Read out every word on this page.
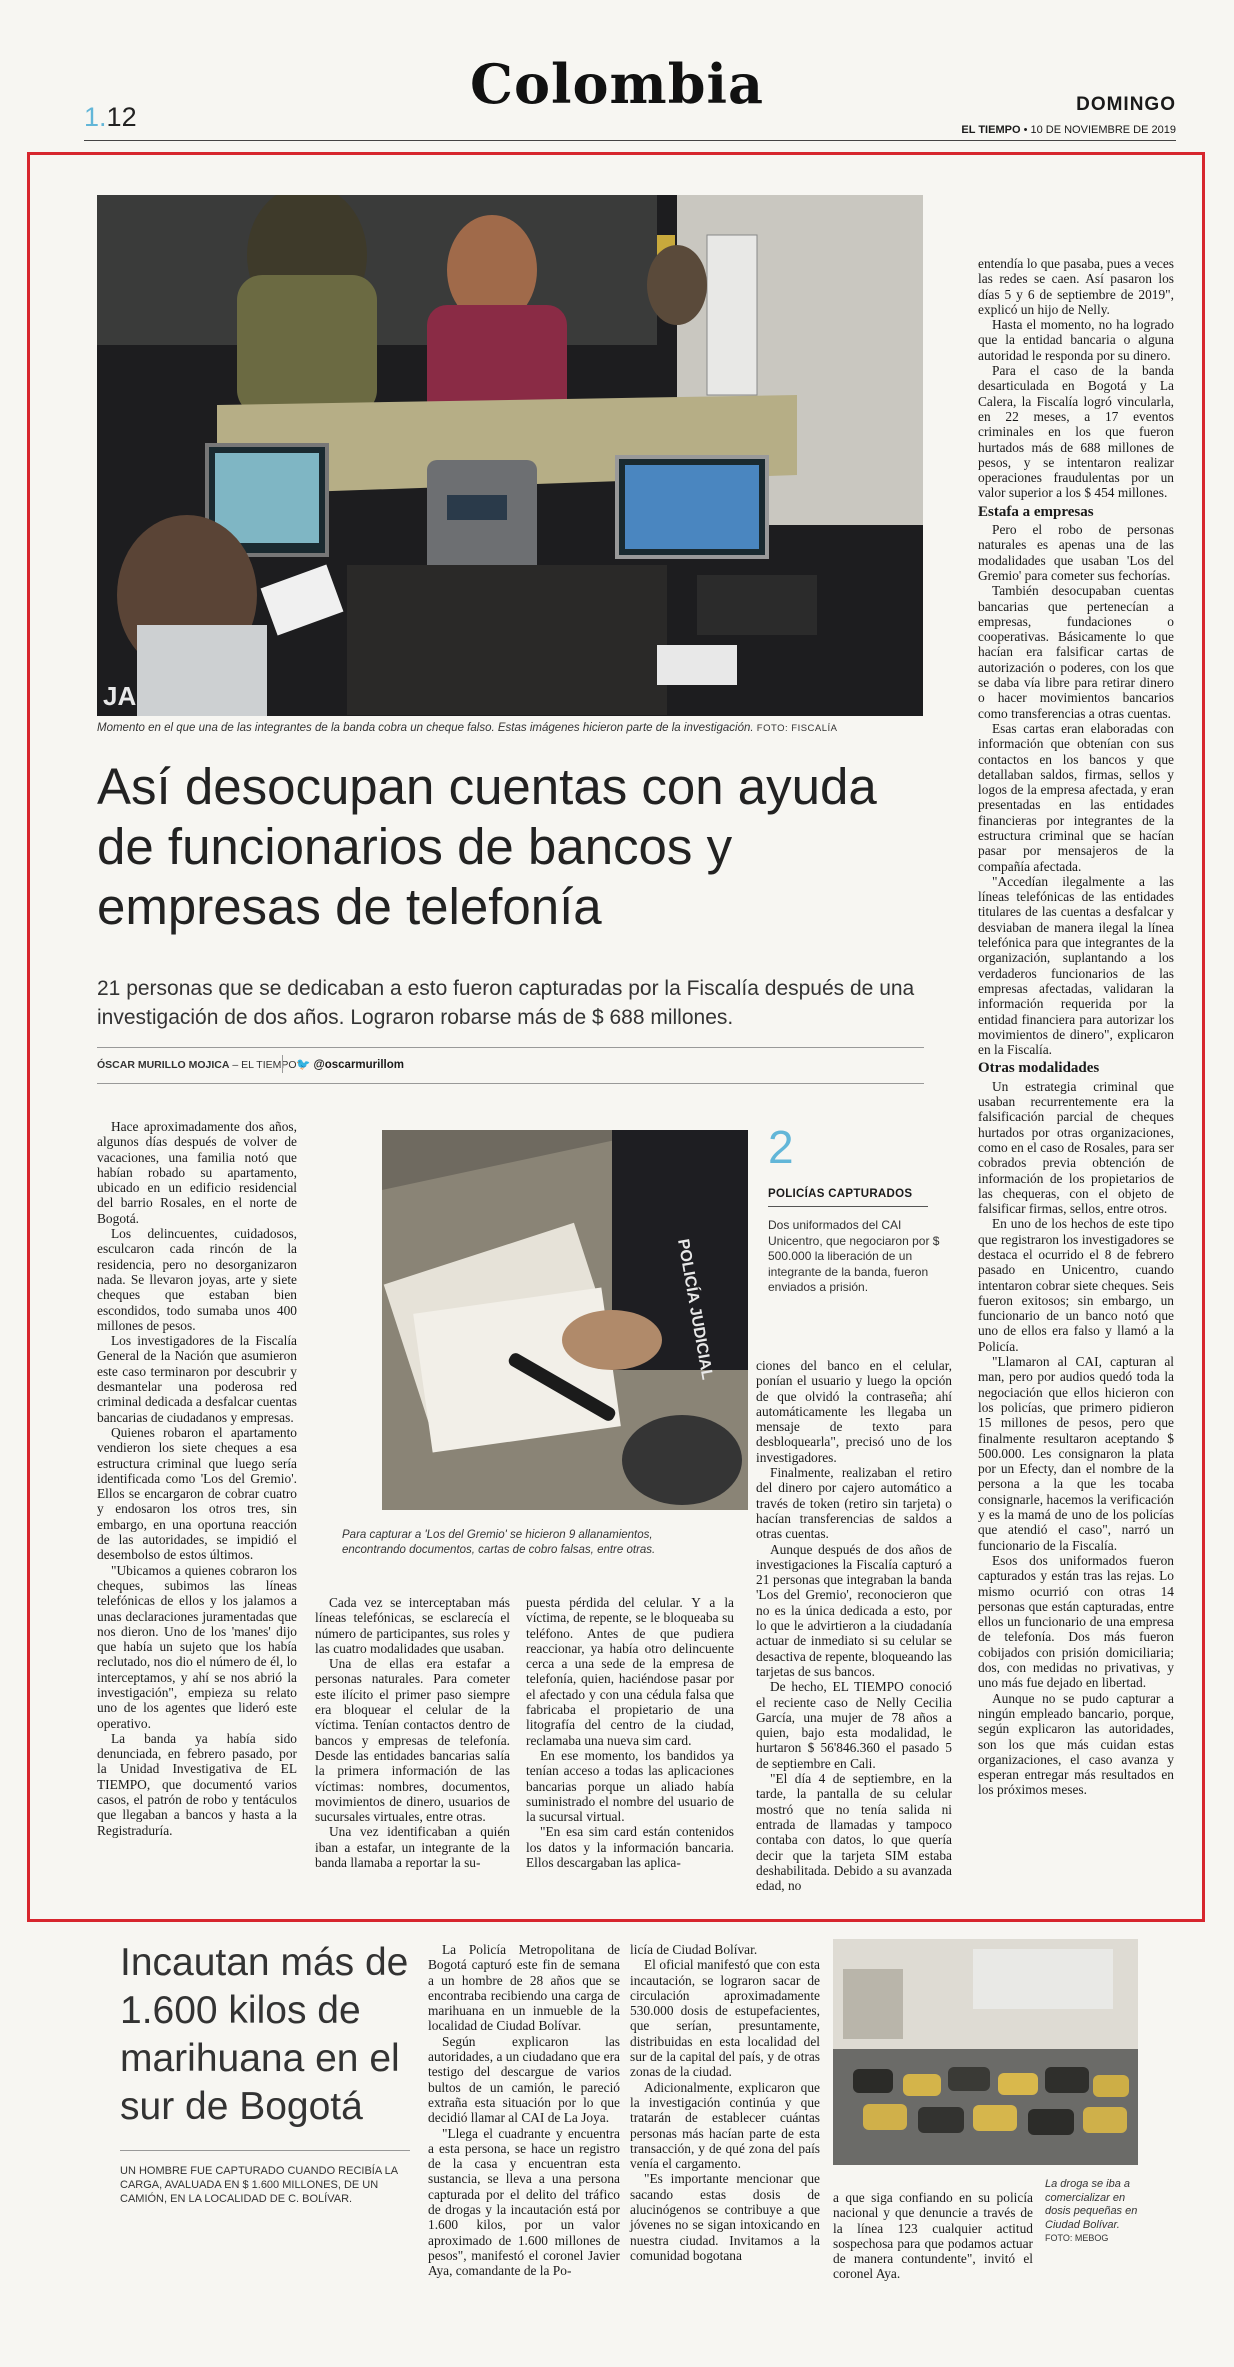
1.12
Colombia	DOMINGO
EL TIEMPO • 10 DE NOVIEMBRE DE 2019
JA
Momento en el que una de las integrantes de la banda cobra un cheque falso. Estas imágenes hicieron parte de la investigación. FOTO: FISCALÍA
Así desocupan cuentas con ayuda de funcionarios de bancos y empresas de telefonía
21 personas que se dedicaban a esto fueron capturadas por la Fiscalía después de una investigación de dos años. Lograron robarse más de $ 688 millones.
ÓSCAR MURILLO MOJICA – EL TIEMPO 🐦 @oscarmurillom

Hace aproximadamente dos años, algunos días después de volver de vacaciones, una familia notó que habían robado su apartamento, ubicado en un edificio residencial del barrio Rosales, en el norte de Bogotá.

Los delincuentes, cuidadosos, esculcaron cada rincón de la residencia, pero no desorganizaron nada. Se llevaron joyas, arte y siete cheques que estaban bien escondidos, todo sumaba unos 400 millones de pesos.

Los investigadores de la Fiscalía General de la Nación que asumieron este caso terminaron por descubrir y desmantelar una poderosa red criminal dedicada a desfalcar cuentas bancarias de ciudadanos y empresas.

Quienes robaron el apartamento vendieron los siete cheques a esa estructura criminal que luego sería identificada como 'Los del Gremio'. Ellos se encargaron de cobrar cuatro y endosaron los otros tres, sin embargo, en una oportuna reacción de las autoridades, se impidió el desembolso de estos últimos.

"Ubicamos a quienes cobraron los cheques, subimos las líneas telefónicas de ellos y los jalamos a unas declaraciones juramentadas que nos dieron. Uno de los 'manes' dijo que había un sujeto que los había reclutado, nos dio el número de él, lo interceptamos, y ahí se nos abrió la investigación", empieza su relato uno de los agentes que lideró este operativo.

La banda ya había sido denunciada, en febrero pasado, por la Unidad Investigativa de EL TIEMPO, que documentó varios casos, el patrón de robo y tentáculos que llegaban a bancos y hasta a la Registraduría.

POLICÍA JUDICIAL
Para capturar a 'Los del Gremio' se hicieron 9 allanamientos, encontrando documentos, cartas de cobro falsas, entre otras.

Cada vez se interceptaban más líneas telefónicas, se esclarecía el número de participantes, sus roles y las cuatro modalidades que usaban.

Una de ellas era estafar a personas naturales. Para cometer este ilícito el primer paso siempre era bloquear el celular de la víctima. Tenían contactos dentro de bancos y empresas de telefonía. Desde las entidades bancarias salía la primera información de las víctimas: nombres, documentos, movimientos de dinero, usuarios de sucursales virtuales, entre otras.

Una vez identificaban a quién iban a estafar, un integrante de la banda llamaba a reportar la su-

puesta pérdida del celular. Y a la víctima, de repente, se le bloqueaba su teléfono. Antes de que pudiera reaccionar, ya había otro delincuente cerca a una sede de la empresa de telefonía, quien, haciéndose pasar por el afectado y con una cédula falsa que fabricaba el propietario de una litografía del centro de la ciudad, reclamaba una nueva sim card.

En ese momento, los bandidos ya tenían acceso a todas las aplicaciones bancarias porque un aliado había suministrado el nombre del usuario de la sucursal virtual.

"En esa sim card están contenidos los datos y la información bancaria. Ellos descargaban las aplica-

2
POLICÍAS CAPTURADOS
Dos uniformados del CAI Unicentro, que negociaron por $ 500.000 la liberación de un integrante de la banda, fueron enviados a prisión.

ciones del banco en el celular, ponían el usuario y luego la opción de que olvidó la contraseña; ahí automáticamente les llegaba un mensaje de texto para desbloquearla", precisó uno de los investigadores.

Finalmente, realizaban el retiro del dinero por cajero automático a través de token (retiro sin tarjeta) o hacían transferencias de saldos a otras cuentas.

Aunque después de dos años de investigaciones la Fiscalía capturó a 21 personas que integraban la banda 'Los del Gremio', reconocieron que no es la única dedicada a esto, por lo que le advirtieron a la ciudadanía actuar de inmediato si su celular se desactiva de repente, bloqueando las tarjetas de sus bancos.

De hecho, EL TIEMPO conoció el reciente caso de Nelly Cecilia García, una mujer de 78 años a quien, bajo esta modalidad, le hurtaron $ 56'846.360 el pasado 5 de septiembre en Cali.

"El día 4 de septiembre, en la tarde, la pantalla de su celular mostró que no tenía salida ni entrada de llamadas y tampoco contaba con datos, lo que quería decir que la tarjeta SIM estaba deshabilitada. Debido a su avanzada edad, no

entendía lo que pasaba, pues a veces las redes se caen. Así pasaron los días 5 y 6 de septiembre de 2019", explicó un hijo de Nelly.

Hasta el momento, no ha logrado que la entidad bancaria o alguna autoridad le responda por su dinero.

Para el caso de la banda desarticulada en Bogotá y La Calera, la Fiscalía logró vincularla, en 22 meses, a 17 eventos criminales en los que fueron hurtados más de 688 millones de pesos, y se intentaron realizar operaciones fraudulentas por un valor superior a los $ 454 millones.

Estafa a empresas

Pero el robo de personas naturales es apenas una de las modalidades que usaban 'Los del Gremio' para cometer sus fechorías.

También desocupaban cuentas bancarias que pertenecían a empresas, fundaciones o cooperativas. Básicamente lo que hacían era falsificar cartas de autorización o poderes, con los que se daba vía libre para retirar dinero o hacer movimientos bancarios como transferencias a otras cuentas.

Esas cartas eran elaboradas con información que obtenían con sus contactos en los bancos y que detallaban saldos, firmas, sellos y logos de la empresa afectada, y eran presentadas en las entidades financieras por integrantes de la estructura criminal que se hacían pasar por mensajeros de la compañía afectada.

"Accedían ilegalmente a las líneas telefónicas de las entidades titulares de las cuentas a desfalcar y desviaban de manera ilegal la línea telefónica para que integrantes de la organización, suplantando a los verdaderos funcionarios de las empresas afectadas, validaran la información requerida por la entidad financiera para autorizar los movimientos de dinero", explicaron en la Fiscalía.

Otras modalidades

Un estrategia criminal que usaban recurrentemente era la falsificación parcial de cheques hurtados por otras organizaciones, como en el caso de Rosales, para ser cobrados previa obtención de información de los propietarios de las chequeras, con el objeto de falsificar firmas, sellos, entre otros.

En uno de los hechos de este tipo que registraron los investigadores se destaca el ocurrido el 8 de febrero pasado en Unicentro, cuando intentaron cobrar siete cheques. Seis fueron exitosos; sin embargo, un funcionario de un banco notó que uno de ellos era falso y llamó a la Policía.

"Llamaron al CAI, capturan al man, pero por audios quedó toda la negociación que ellos hicieron con los policías, que primero pidieron 15 millones de pesos, pero que finalmente resultaron aceptando $ 500.000. Les consignaron la plata por un Efecty, dan el nombre de la persona a la que les tocaba consignarle, hacemos la verificación y es la mamá de uno de los policías que atendió el caso", narró un funcionario de la Fiscalía.

Esos dos uniformados fueron capturados y están tras las rejas. Lo mismo ocurrió con otras 14 personas que están capturadas, entre ellos un funcionario de una empresa de telefonía. Dos más fueron cobijados con prisión domiciliaria; dos, con medidas no privativas, y uno más fue dejado en libertad.

Aunque no se pudo capturar a ningún empleado bancario, porque, según explicaron las autoridades, son los que más cuidan estas organizaciones, el caso avanza y esperan entregar más resultados en los próximos meses.

Incautan más de 1.600 kilos de marihuana en el sur de Bogotá
UN HOMBRE FUE CAPTURADO CUANDO RECIBÍA LA CARGA, AVALUADA EN $ 1.600 MILLONES, DE UN CAMIÓN, EN LA LOCALIDAD DE C. BOLÍVAR.

La Policía Metropolitana de Bogotá capturó este fin de semana a un hombre de 28 años que se encontraba recibiendo una carga de marihuana en un inmueble de la localidad de Ciudad Bolívar.

Según explicaron las autoridades, a un ciudadano que era testigo del descargue de varios bultos de un camión, le pareció extraña esta situación por lo que decidió llamar al CAI de La Joya.

"Llega el cuadrante y encuentra a esta persona, se hace un registro de la casa y encuentran esta sustancia, se lleva a una persona capturada por el delito del tráfico de drogas y la incautación está por 1.600 kilos, por un valor aproximado de 1.600 millones de pesos", manifestó el coronel Javier Aya, comandante de la Po-

licía de Ciudad Bolívar.

El oficial manifestó que con esta incautación, se lograron sacar de circulación aproximadamente 530.000 dosis de estupefacientes, que serían, presuntamente, distribuidas en esta localidad del sur de la capital del país, y de otras zonas de la ciudad.

Adicionalmente, explicaron que la investigación continúa y que tratarán de establecer cuántas personas más hacían parte de esta transacción, y de qué zona del país venía el cargamento.

"Es importante mencionar que sacando estas dosis de alucinógenos se contribuye a que jóvenes no se sigan intoxicando en nuestra ciudad. Invitamos a la comunidad bogotana

a que siga confiando en su policía nacional y que denuncie a través de la línea 123 cualquier actitud sospechosa para que podamos actuar de manera contundente", invitó el coronel Aya.

La droga se iba a comercializar en dosis pequeñas en Ciudad Bolívar.
FOTO: MEBOG
